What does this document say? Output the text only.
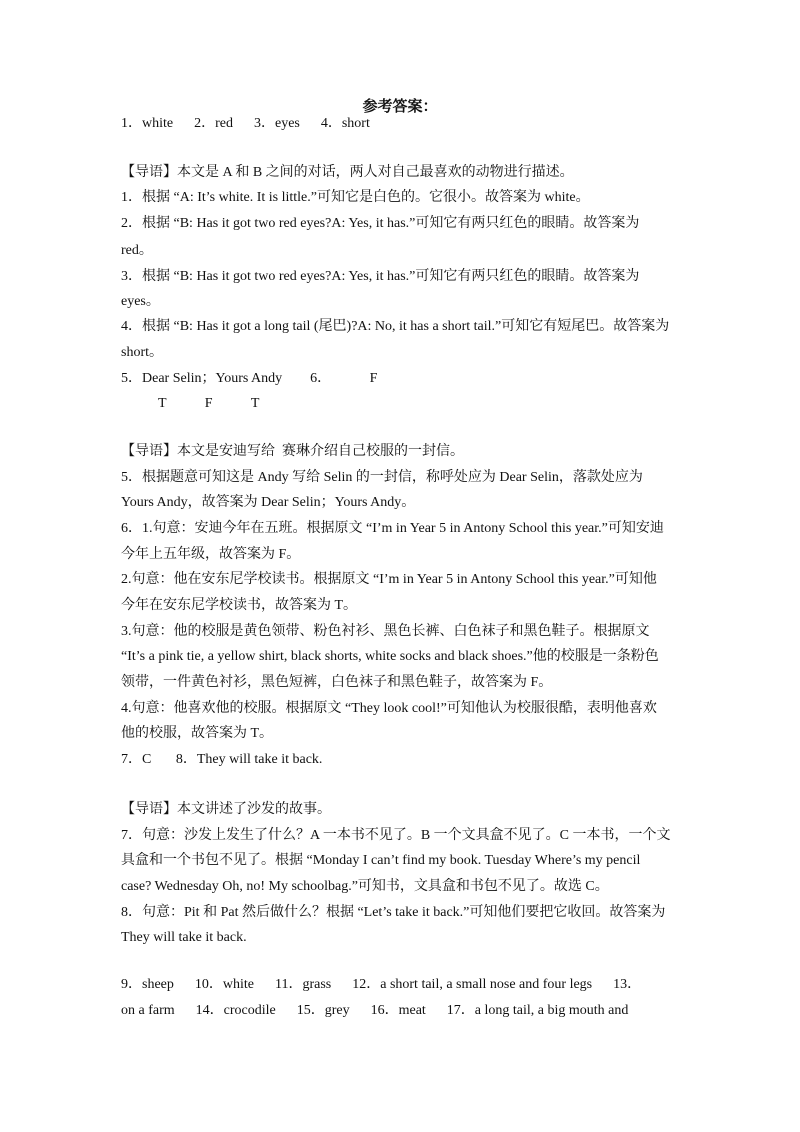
参考答案：
1．white      2．red      3．eyes      4．short
【导语】本文是 A 和 B 之间的对话，两人对自己最喜欢的动物进行描述。
1．根据 “A: It’s white. It is little.”可知它是白色的。它很小。故答案为 white。
2．根据 “B: Has it got two red eyes?A: Yes, it has.”可知它有两只红色的眼睛。故答案为
red。
3．根据 “B: Has it got two red eyes?A: Yes, it has.”可知它有两只红色的眼睛。故答案为
eyes。
4．根据 “B: Has it got a long tail (尾巴)?A: No, it has a short tail.”可知它有短尾巴。故答案为
short。
5．Dear Selin；Yours Andy        6．           F
T           F           T
【导语】本文是安迪写给  赛琳介绍自己校服的一封信。
5．根据题意可知这是 Andy 写给 Selin 的一封信，称呼处应为 Dear Selin，落款处应为
Yours Andy，故答案为 Dear Selin；Yours Andy。
6．1.句意：安迪今年在五班。根据原文 “I’m in Year 5 in Antony School this year.”可知安迪
今年上五年级，故答案为 F。
2.句意：他在安东尼学校读书。根据原文 “I’m in Year 5 in Antony School this year.”可知他
今年在安东尼学校读书，故答案为 T。
3.句意：他的校服是黄色领带、粉色衬衫、黑色长裤、白色袜子和黑色鞋子。根据原文
“It’s a pink tie, a yellow shirt, black shorts, white socks and black shoes.”他的校服是一条粉色
领带，一件黄色衬衫，黑色短裤，白色袜子和黑色鞋子，故答案为 F。
4.句意：他喜欢他的校服。根据原文 “They look cool!”可知他认为校服很酷，表明他喜欢
他的校服，故答案为 T。
7．C       8．They will take it back.
【导语】本文讲述了沙发的故事。
7．句意：沙发上发生了什么？A 一本书不见了。B 一个文具盒不见了。C 一本书，一个文
具盒和一个书包不见了。根据 “Monday I can’t find my book. Tuesday Where’s my pencil
case? Wednesday Oh, no! My schoolbag.”可知书，文具盒和书包不见了。故选 C。
8．句意：Pit 和 Pat 然后做什么？根据 “Let’s take it back.”可知他们要把它收回。故答案为
They will take it back.
9．sheep      10．white      11．grass      12．a short tail, a small nose and four legs      13．
on a farm      14．crocodile      15．grey      16．meat      17．a long tail, a big mouth and
